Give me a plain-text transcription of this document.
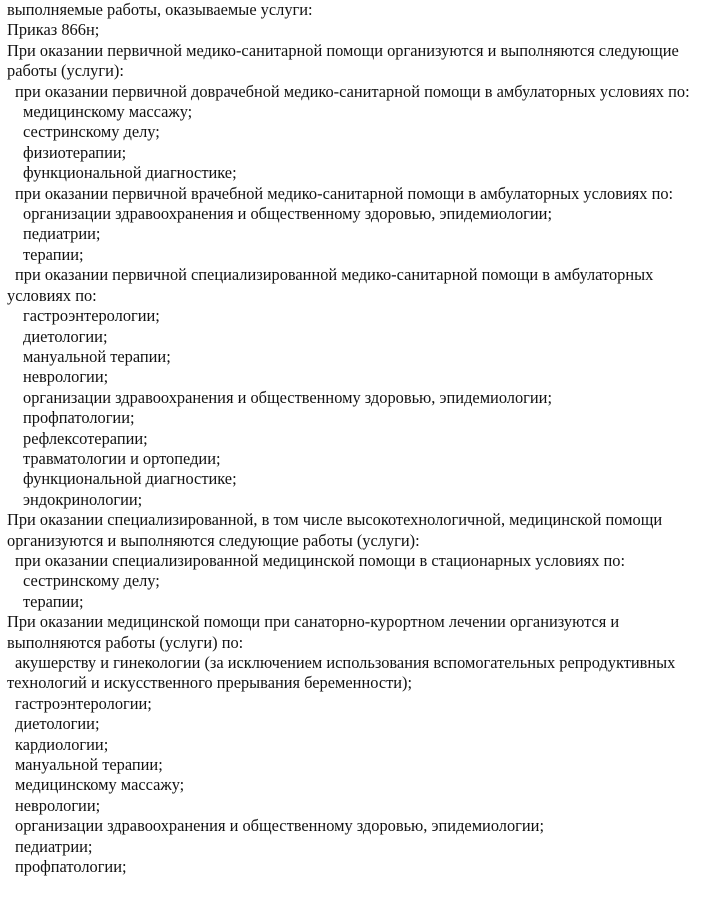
выполняемые работы, оказываемые услуги:

Приказ 866н;

При оказании первичной медико-санитарной помощи организуются и выполняются следующие работы (услуги):

при оказании первичной доврачебной медико-санитарной помощи в амбулаторных условиях по:

медицинскому массажу;

сестринскому делу;

физиотерапии;

функциональной диагностике;

при оказании первичной врачебной медико-санитарной помощи в амбулаторных условиях по:

организации здравоохранения и общественному здоровью, эпидемиологии;

педиатрии;

терапии;

при оказании первичной специализированной медико-санитарной помощи в амбулаторных условиях по:

гастроэнтерологии;

диетологии;

мануальной терапии;

неврологии;

организации здравоохранения и общественному здоровью, эпидемиологии;

профпатологии;

рефлексотерапии;

травматологии и ортопедии;

функциональной диагностике;

эндокринологии;

При оказании специализированной, в том числе высокотехнологичной, медицинской помощи организуются и выполняются следующие работы (услуги):

при оказании специализированной медицинской помощи в стационарных условиях по:

сестринскому делу;

терапии;

При оказании медицинской помощи при санаторно-курортном лечении организуются и выполняются работы (услуги) по:

акушерству и гинекологии (за исключением использования вспомогательных репродуктивных технологий и искусственного прерывания беременности);

гастроэнтерологии;

диетологии;

кардиологии;

мануальной терапии;

медицинскому массажу;

неврологии;

организации здравоохранения и общественному здоровью, эпидемиологии;

педиатрии;

профпатологии;
